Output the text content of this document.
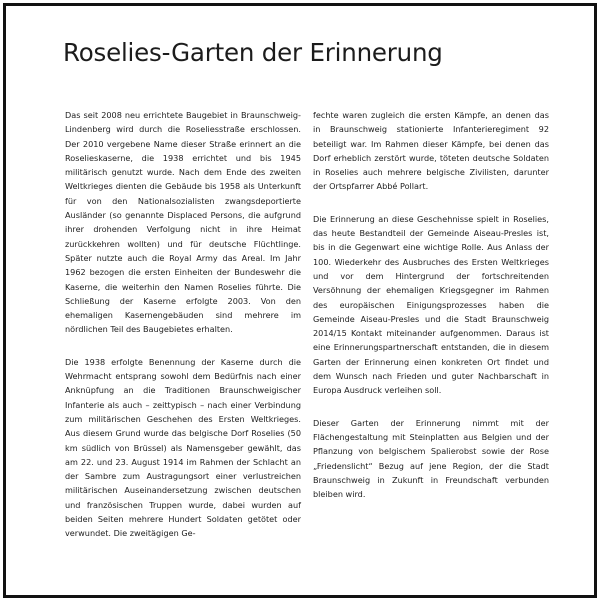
Roselies-Garten der Erinnerung

Das seit 2008 neu errichtete Baugebiet in Braunschweig-Lindenberg wird durch die Roseliesstraße erschlossen. Der 2010 vergebene Name dieser Straße erinnert an die Roselieskaserne, die 1938 errichtet und bis 1945 militärisch genutzt wurde. Nach dem Ende des zweiten Weltkrieges dienten die Gebäude bis 1958 als Unterkunft für von den Nationalsozialisten zwangsdeportierte Ausländer (so genannte Displaced Persons, die aufgrund ihrer drohenden Verfolgung nicht in ihre Heimat zurückkehren wollten) und für deutsche Flüchtlinge. Später nutzte auch die Royal Army das Areal. Im Jahr 1962 bezogen die ersten Einheiten der Bundeswehr die Kaserne, die weiterhin den Namen Roselies führte. Die Schließung der Kaserne erfolgte 2003. Von den ehemaligen Kasernengebäuden sind mehrere im nördlichen Teil des Baugebietes erhalten.

Die 1938 erfolgte Benennung der Kaserne durch die Wehrmacht entsprang sowohl dem Bedürfnis nach einer Anknüpfung an die Traditionen Braunschweigischer Infanterie als auch – zeittypisch – nach einer Verbindung zum militärischen Geschehen des Ersten Weltkrieges. Aus diesem Grund wurde das belgische Dorf Roselies (50 km südlich von Brüssel) als Namensgeber gewählt, das am 22. und 23. August 1914 im Rahmen der Schlacht an der Sambre zum Austragungsort einer verlustreichen militärischen Auseinandersetzung zwischen deutschen und französischen Truppen wurde, dabei wurden auf beiden Seiten mehrere Hundert Soldaten getötet oder verwundet. Die zweitägigen Ge-

fechte waren zugleich die ersten Kämpfe, an denen das in Braunschweig stationierte Infanterieregiment 92 beteiligt war. Im Rahmen dieser Kämpfe, bei denen das Dorf erheblich zerstört wurde, töteten deutsche Soldaten in Roselies auch mehrere belgische Zivilisten, darunter der Ortspfarrer Abbé Pollart.

Die Erinnerung an diese Geschehnisse spielt in Roselies, das heute Bestandteil der Gemeinde Aiseau-Presles ist, bis in die Gegenwart eine wichtige Rolle. Aus Anlass der 100. Wiederkehr des Ausbruches des Ersten Weltkrieges und vor dem Hintergrund der fortschreitenden Versöhnung der ehemaligen Kriegsgegner im Rahmen des europäischen Einigungsprozesses haben die Gemeinde Aiseau-Presles und die Stadt Braunschweig 2014/15 Kontakt miteinander aufgenommen. Daraus ist eine Erinnerungspartnerschaft entstanden, die in diesem Garten der Erinnerung einen konkreten Ort findet und dem Wunsch nach Frieden und guter Nachbarschaft in Europa Ausdruck verleihen soll.

Dieser Garten der Erinnerung nimmt mit der Flächengestaltung mit Steinplatten aus Belgien und der Pflanzung von belgischem Spalierobst sowie der Rose „Friedenslicht“ Bezug auf jene Region, der die Stadt Braunschweig in Zukunft in Freundschaft verbunden bleiben wird.
